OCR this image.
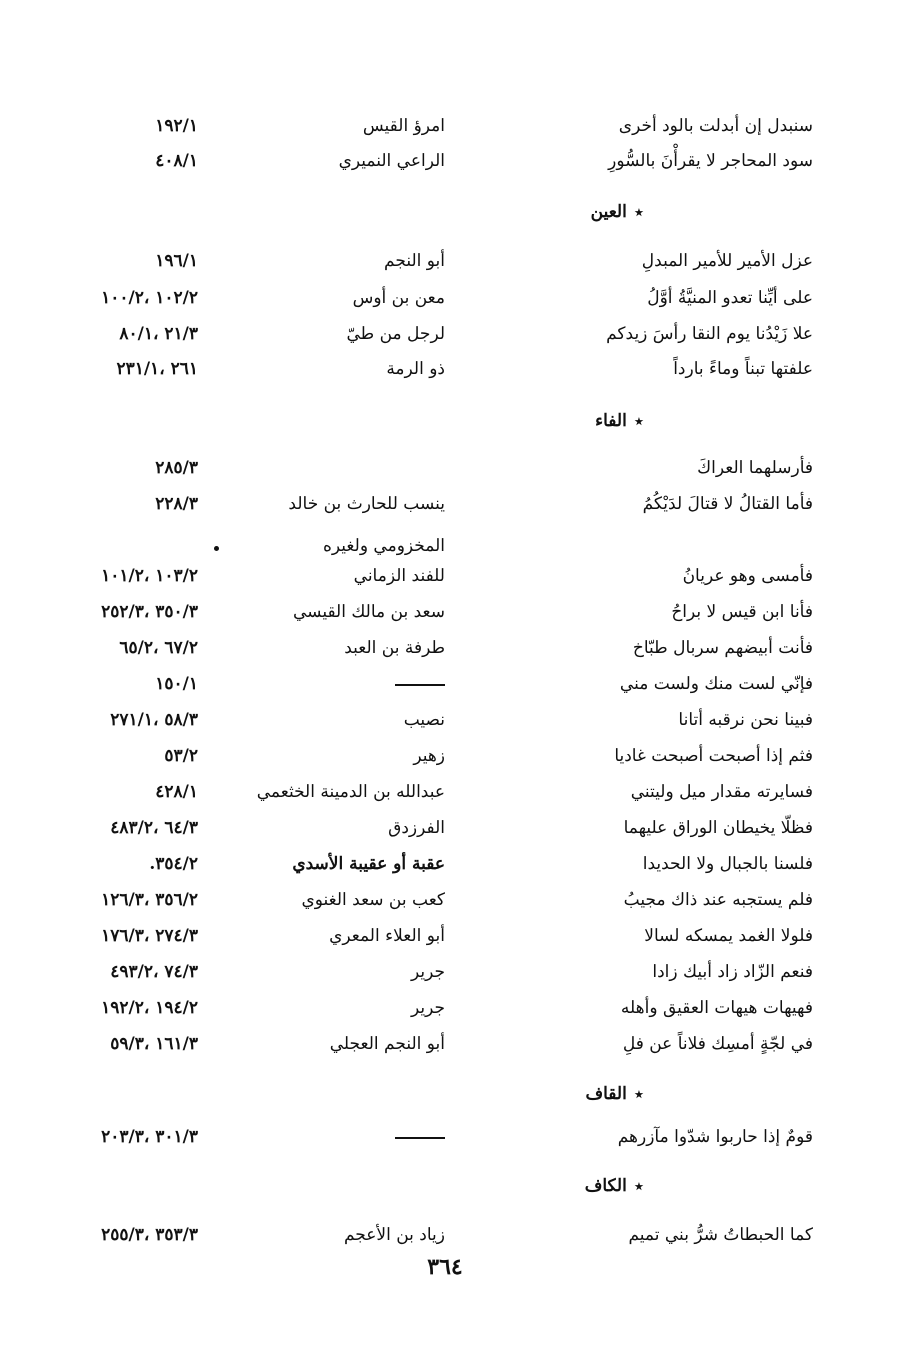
سنبدل إن أبدلت بالود أخرى
امرؤ القيس
١٩٢/١
سود المحاجر لا يقرأْنَ بالسُّورِ
الراعي النميري
٤٠٨/١
٭العين
عزل الأمير للأمير المبدلِ
أبو النجم
١٩٦/١
على أيِّنا تعدو المنيَّةُ أوَّلُ
معن بن أوس
١٠٢/٢ ،١٠٠/٢
علا زَيْدُنا يوم النقا رأسَ زيدكم
لرجل من طيّ
٢١/٣ ،٨٠/١
علفتها تبناً وماءً بارداً
ذو الرمة
٢٦١ ،٢٣١/١
٭الفاء
فأرسلهما العراكَ
٢٨٥/٣
فأما القتالُ لا قتالَ لدَيْكُمُ
ينسب للحارث بن خالد
٢٢٨/٣
المخزومي ولغيره
فأمسى وهو عريانُ
للفند الزماني
١٠٣/٢ ،١٠١/٢
فأنا ابن قيس لا براحُ
سعد بن مالك القيسي
٣٥٠/٣ ،٢٥٢/٣
فأنت أبيضهم سربال طبّاخ
طرفة بن العبد
٦٧/٢ ،٦٥/٢
فإنّي لست منك ولست مني
١٥٠/١
فبينا نحن نرقبه أتانا
نصيب
٥٨/٣ ،٢٧١/١
فثم إذا أصبحت أصبحت غاديا
زهير
٥٣/٢
فسايرته مقدار ميل وليتني
عبدالله بن الدمينة الخثعمي
٤٢٨/١
فظلّا يخيطان الوراق عليهما
الفرزدق
٦٤/٣ ،٤٨٣/٢
فلسنا بالجبال ولا الحديدا
عقبة أو عقيبة الأسدي
٣٥٤/٢.
فلم يستجبه عند ذاك مجيبُ
كعب بن سعد الغنوي
٣٥٦/٢ ،١٢٦/٣
فلولا الغمد يمسكه لسالا
أبو العلاء المعري
٢٧٤/٣ ،١٧٦/٣
فنعم الزّاد زاد أبيك زادا
جرير
٧٤/٣ ،٤٩٣/٢
فهيهات هيهات العقيق وأهله
جرير
١٩٤/٢ ،١٩٢/٢
في لجّةٍ أمسِك فلاناً عن فلِ
أبو النجم العجلي
١٦١/٣ ،٥٩/٣
٭القاف
قومٌ إذا حاربوا شدّوا مآزرهم
٣٠١/٣ ،٢٠٣/٣
٭الكاف
كما الحبطاتُ شرُّ بني تميم
زياد بن الأعجم
٣٥٣/٣ ،٢٥٥/٣
٣٦٤
